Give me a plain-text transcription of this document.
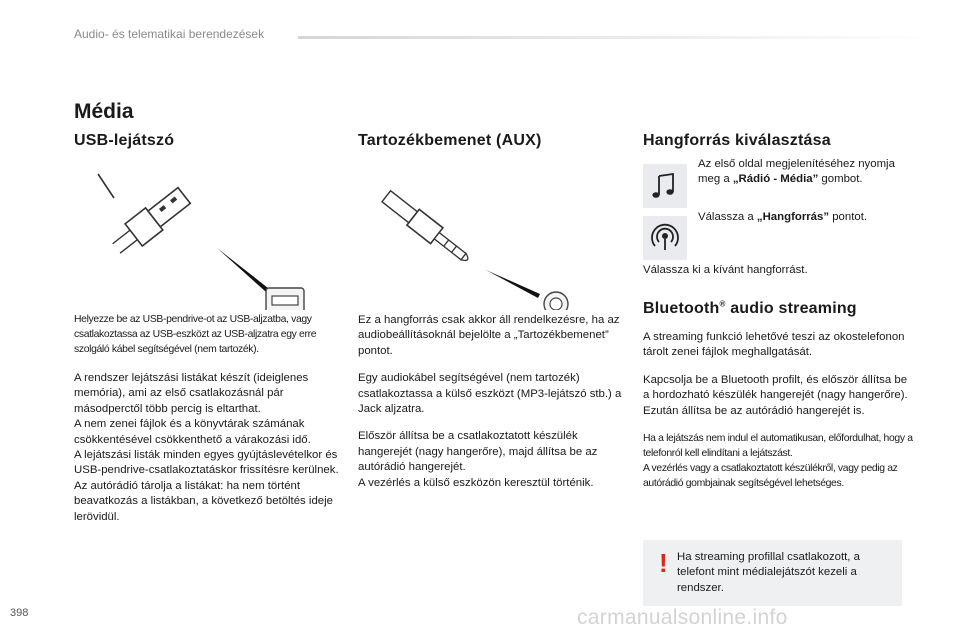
Audio- és telematikai berendezések
Média
USB-lejátszó

Helyezze be az USB-pendrive-ot az USB-aljzatba, vagy csatlakoztassa az USB-eszközt az USB-aljzatra egy erre szolgáló kábel segítségével (nem tartozék).

A rendszer lejátszási listákat készít (ideiglenes memória), ami az első csatlakozásnál pár másodperctől több percig is eltarthat.

A nem zenei fájlok és a könyvtárak számának csökkentésével csökkenthető a várakozási idő.

A lejátszási listák minden egyes gyújtáslevételkor és USB-pendrive-csatlakoztatáskor frissítésre kerülnek. Az autórádió tárolja a listákat: ha nem történt beavatkozás a listákban, a következő betöltés ideje lerövidül.

Tartozékbemenet (AUX)

Ez a hangforrás csak akkor áll rendelkezésre, ha az audiobeállításoknál bejelölte a „Tartozékbemenet” pontot.

Egy audiokábel segítségével (nem tartozék) csatlakoztassa a külső eszközt (MP3-lejátszó stb.) a Jack aljzatra.

Először állítsa be a csatlakoztatott készülék hangerejét (nagy hangerőre), majd állítsa be az autórádió hangerejét.

A vezérlés a külső eszközön keresztül történik.

Hangforrás kiválasztása
Az első oldal megjelenítéséhez nyomja meg a „Rádió - Média” gombot.
Válassza a „Hangforrás” pontot.

Válassza ki a kívánt hangforrást.

Bluetooth® audio streaming

A streaming funkció lehetővé teszi az okostelefonon tárolt zenei fájlok meghallgatását.

Kapcsolja be a Bluetooth profilt, és először állítsa be a hordozható készülék hangerejét (nagy hangerőre).

Ezután állítsa be az autórádió hangerejét is.

Ha a lejátszás nem indul el automatikusan, előfordulhat, hogy a telefonról kell elindítani a lejátszást.

A vezérlés vagy a csatlakoztatott készülékről, vagy pedig az autórádió gombjainak segítségével lehetséges.

! Ha streaming profillal csatlakozott, a telefont mint médialejátszót kezeli a rendszer.
398	carmanualsonline.info
